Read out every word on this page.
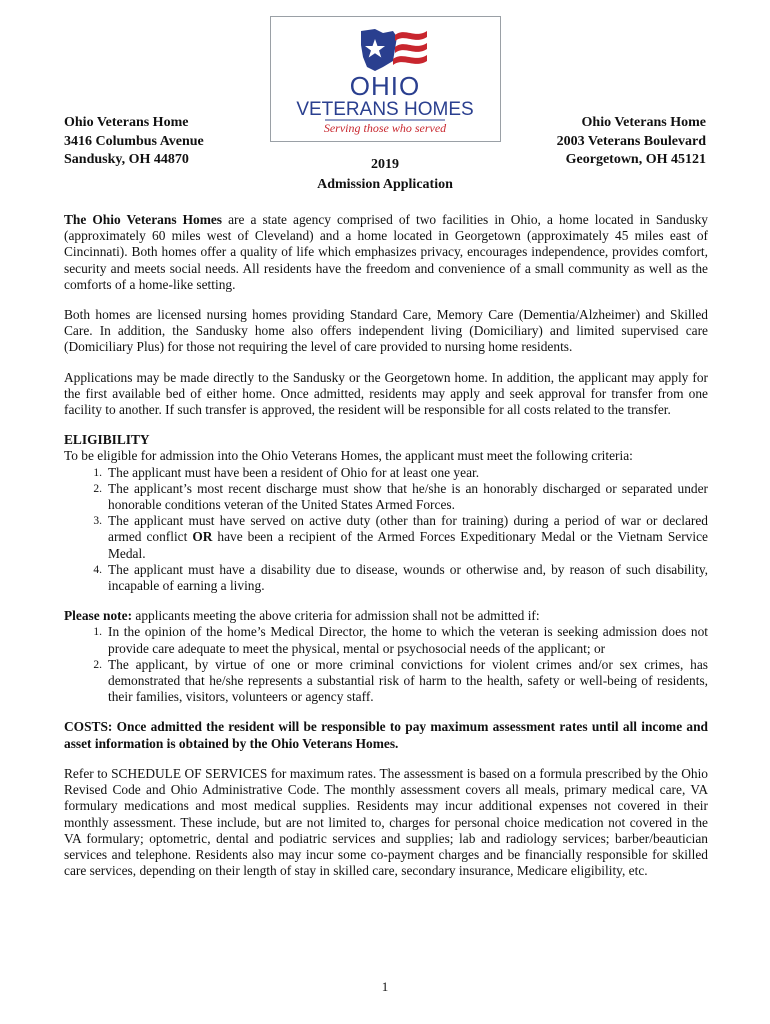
OHIO
VETERANS HOMES
Serving those who served
Ohio Veterans Home
3416 Columbus Avenue
Sandusky, OH 44870
Ohio Veterans Home
2003 Veterans Boulevard
Georgetown, OH 45121
2019
Admission Application

The Ohio Veterans Homes are a state agency comprised of two facilities in Ohio, a home located in Sandusky (approximately 60 miles west of Cleveland) and a home located in Georgetown (approximately 45 miles east of Cincinnati). Both homes offer a quality of life which emphasizes privacy, encourages independence, provides comfort, security and meets social needs. All residents have the freedom and convenience of a small community as well as the comforts of a home-like setting.

Both homes are licensed nursing homes providing Standard Care, Memory Care (Dementia/Alzheimer) and Skilled Care. In addition, the Sandusky home also offers independent living (Domiciliary) and limited supervised care (Domiciliary Plus) for those not requiring the level of care provided to nursing home residents.

Applications may be made directly to the Sandusky or the Georgetown home. In addition, the applicant may apply for the first available bed of either home. Once admitted, residents may apply and seek approval for transfer from one facility to another. If such transfer is approved, the resident will be responsible for all costs related to the transfer.

ELIGIBILITY
To be eligible for admission into the Ohio Veterans Homes, the applicant must meet the following criteria:
1. The applicant must have been a resident of Ohio for at least one year.
2. The applicant’s most recent discharge must show that he/she is an honorably discharged or separated under honorable conditions veteran of the United States Armed Forces.
3. The applicant must have served on active duty (other than for training) during a period of war or declared armed conflict OR have been a recipient of the Armed Forces Expeditionary Medal or the Vietnam Service Medal.
4. The applicant must have a disability due to disease, wounds or otherwise and, by reason of such disability, incapable of earning a living.
Please note: applicants meeting the above criteria for admission shall not be admitted if:
1. In the opinion of the home’s Medical Director, the home to which the veteran is seeking admission does not provide care adequate to meet the physical, mental or psychosocial needs of the applicant; or
2. The applicant, by virtue of one or more criminal convictions for violent crimes and/or sex crimes, has demonstrated that he/she represents a substantial risk of harm to the health, safety or well-being of residents, their families, visitors, volunteers or agency staff.

COSTS: Once admitted the resident will be responsible to pay maximum assessment rates until all income and asset information is obtained by the Ohio Veterans Homes.

Refer to SCHEDULE OF SERVICES for maximum rates. The assessment is based on a formula prescribed by the Ohio Revised Code and Ohio Administrative Code. The monthly assessment covers all meals, primary medical care, VA formulary medications and most medical supplies. Residents may incur additional expenses not covered in their monthly assessment. These include, but are not limited to, charges for personal choice medication not covered in the VA formulary; optometric, dental and podiatric services and supplies; lab and radiology services; barber/beautician services and telephone. Residents also may incur some co-payment charges and be financially responsible for skilled care services, depending on their length of stay in skilled care, secondary insurance, Medicare eligibility, etc.

1
